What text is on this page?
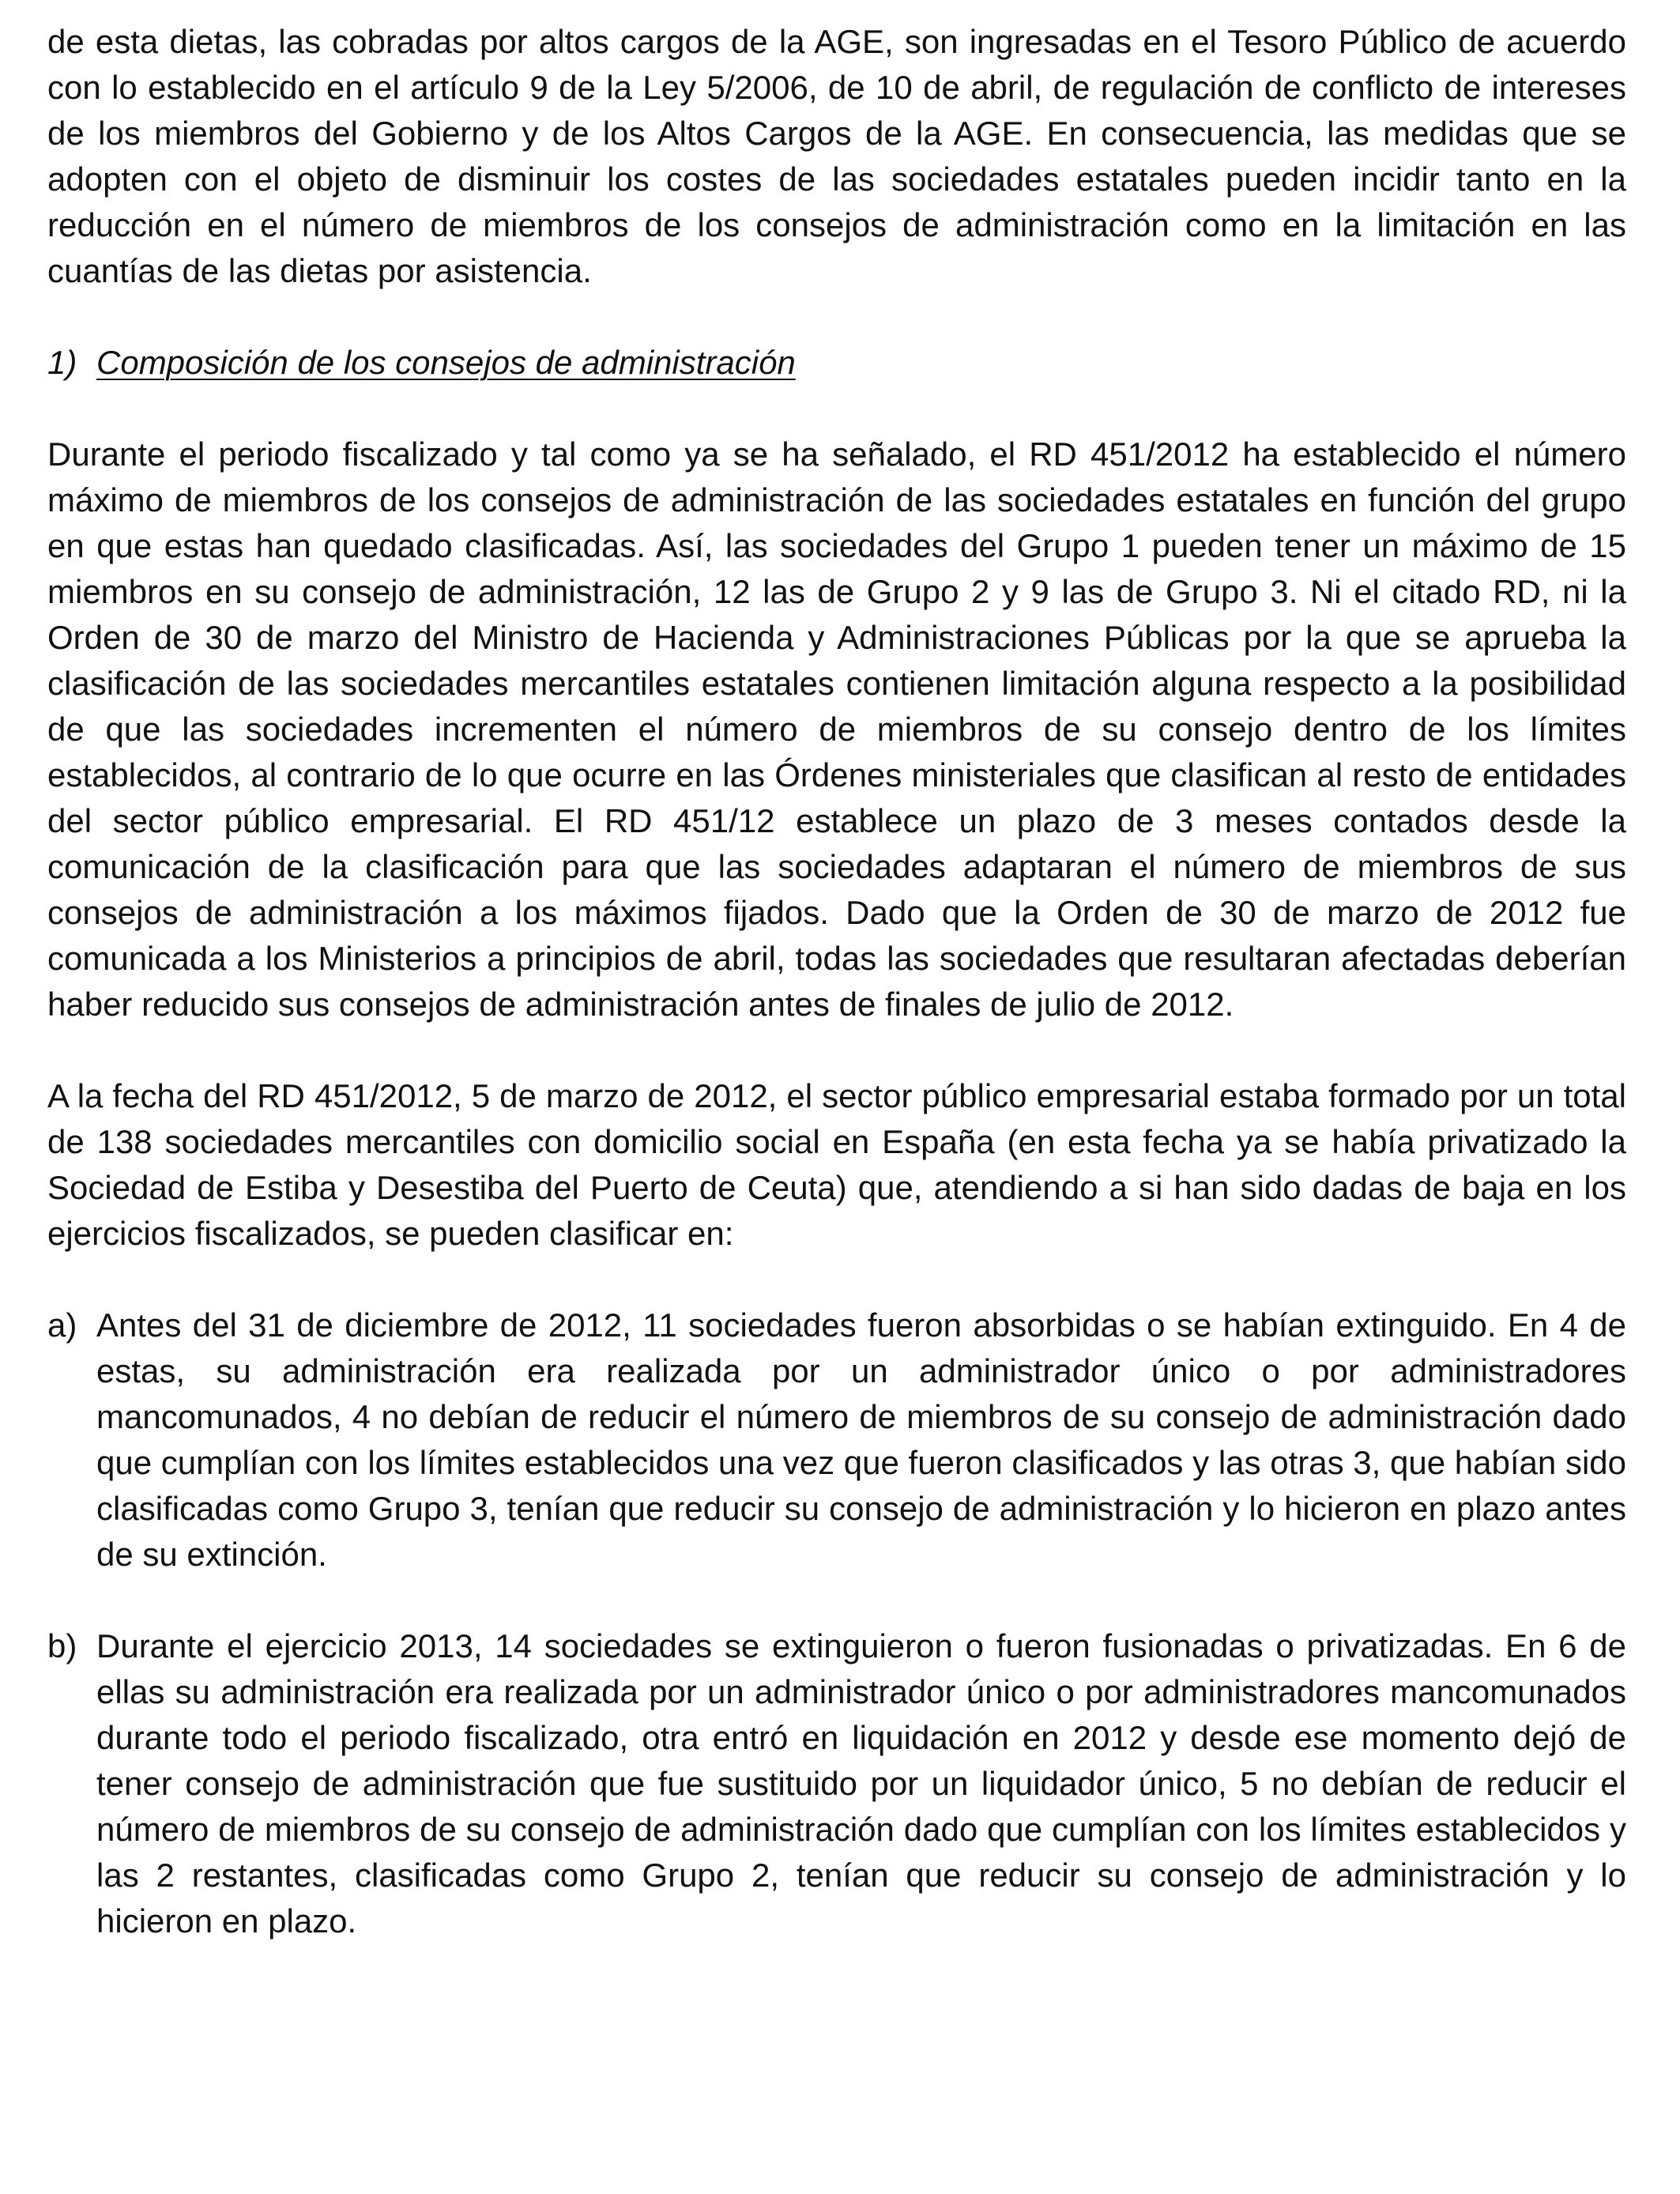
de esta dietas, las cobradas por altos cargos de la AGE, son ingresadas en el Tesoro Público de acuerdo con lo establecido en el artículo 9 de la Ley 5/2006, de 10 de abril, de regulación de conflicto de intereses de los miembros del Gobierno y de los Altos Cargos de la AGE. En consecuencia, las medidas que se adopten con el objeto de disminuir los costes de las sociedades estatales pueden incidir tanto en la reducción en el número de miembros de los consejos de administración como en la limitación en las cuantías de las dietas por asistencia.

1) Composición de los consejos de administración

Durante el periodo fiscalizado y tal como ya se ha señalado, el RD 451/2012 ha establecido el número máximo de miembros de los consejos de administración de las sociedades estatales en función del grupo en que estas han quedado clasificadas. Así, las sociedades del Grupo 1 pueden tener un máximo de 15 miembros en su consejo de administración, 12 las de Grupo 2 y 9 las de Grupo 3. Ni el citado RD, ni la Orden de 30 de marzo del Ministro de Hacienda y Administraciones Públicas por la que se aprueba la clasificación de las sociedades mercantiles estatales contienen limitación alguna respecto a la posibilidad de que las sociedades incrementen el número de miembros de su consejo dentro de los límites establecidos, al contrario de lo que ocurre en las Órdenes ministeriales que clasifican al resto de entidades del sector público empresarial. El RD 451/12 establece un plazo de 3 meses contados desde la comunicación de la clasificación para que las sociedades adaptaran el número de miembros de sus consejos de administración a los máximos fijados. Dado que la Orden de 30 de marzo de 2012 fue comunicada a los Ministerios a principios de abril, todas las sociedades que resultaran afectadas deberían haber reducido sus consejos de administración antes de finales de julio de 2012.

A la fecha del RD 451/2012, 5 de marzo de 2012, el sector público empresarial estaba formado por un total de 138 sociedades mercantiles con domicilio social en España (en esta fecha ya se había privatizado la Sociedad de Estiba y Desestiba del Puerto de Ceuta) que, atendiendo a si han sido dadas de baja en los ejercicios fiscalizados, se pueden clasificar en:

a) Antes del 31 de diciembre de 2012, 11 sociedades fueron absorbidas o se habían extinguido. En 4 de estas, su administración era realizada por un administrador único o por administradores mancomunados, 4 no debían de reducir el número de miembros de su consejo de administración dado que cumplían con los límites establecidos una vez que fueron clasificados y las otras 3, que habían sido clasificadas como Grupo 3, tenían que reducir su consejo de administración y lo hicieron en plazo antes de su extinción.

b) Durante el ejercicio 2013, 14 sociedades se extinguieron o fueron fusionadas o privatizadas. En 6 de ellas su administración era realizada por un administrador único o por administradores mancomunados durante todo el periodo fiscalizado, otra entró en liquidación en 2012 y desde ese momento dejó de tener consejo de administración que fue sustituido por un liquidador único, 5 no debían de reducir el número de miembros de su consejo de administración dado que cumplían con los límites establecidos y las 2 restantes, clasificadas como Grupo 2, tenían que reducir su consejo de administración y lo hicieron en plazo.
